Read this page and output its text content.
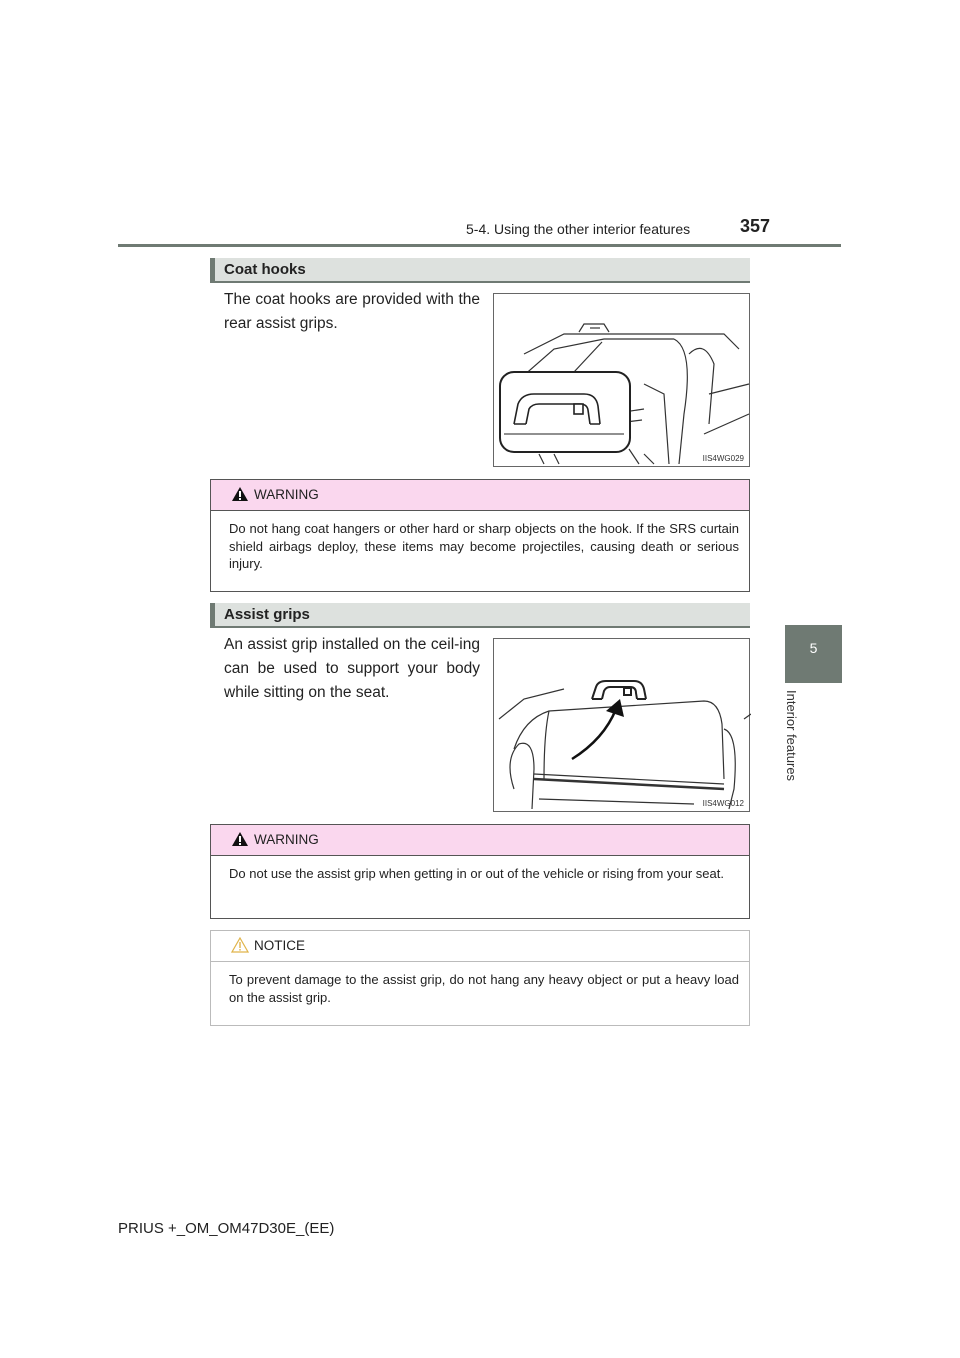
5-4. Using the other interior features	357
5
Interior features
Coat hooks
The coat hooks are provided with the rear assist grips.
IIS4WG029
WARNING
Do not hang coat hangers or other hard or sharp objects on the hook. If the SRS curtain shield airbags deploy, these items may become projectiles, causing death or serious injury.
Assist grips
An assist grip installed on the ceil-ing can be used to support your body while sitting on the seat.
IIS4WG012
WARNING
Do not use the assist grip when getting in or out of the vehicle or rising from your seat.
NOTICE
To prevent damage to the assist grip, do not hang any heavy object or put a heavy load on the assist grip.
PRIUS +_OM_OM47D30E_(EE)
